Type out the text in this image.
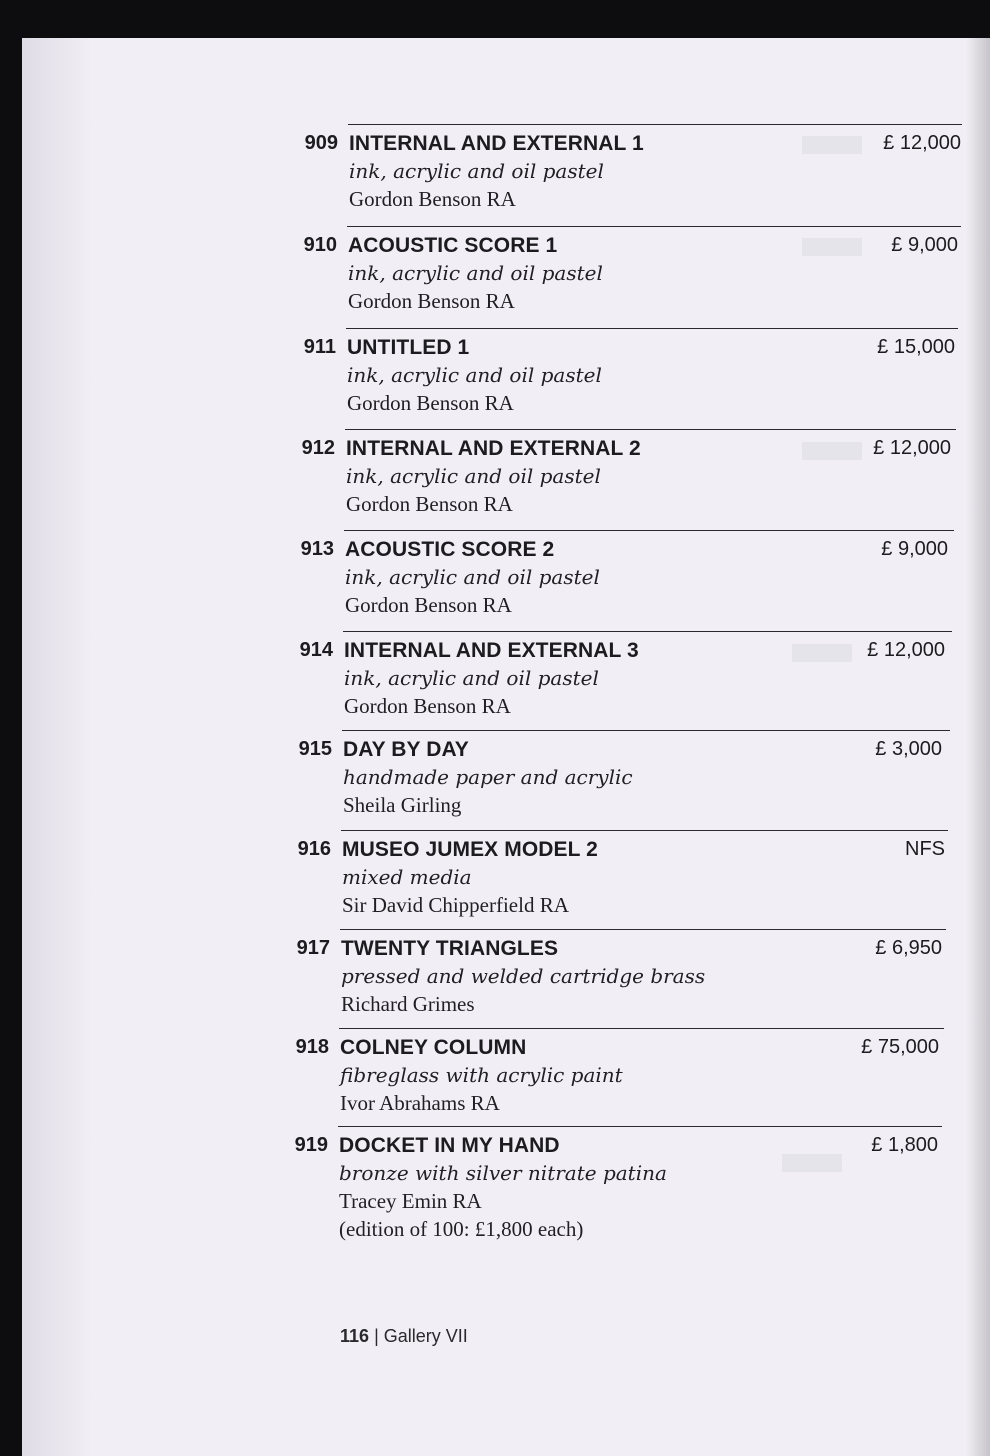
909 INTERNAL AND EXTERNAL 1
ink, acrylic and oil pastel
Gordon Benson RA
£ 12,000
910 ACOUSTIC SCORE 1
ink, acrylic and oil pastel
Gordon Benson RA
£ 9,000
911 UNTITLED 1
ink, acrylic and oil pastel
Gordon Benson RA
£ 15,000
912 INTERNAL AND EXTERNAL 2
ink, acrylic and oil pastel
Gordon Benson RA
£ 12,000
913 ACOUSTIC SCORE 2
ink, acrylic and oil pastel
Gordon Benson RA
£ 9,000
914 INTERNAL AND EXTERNAL 3
ink, acrylic and oil pastel
Gordon Benson RA
£ 12,000
915 DAY BY DAY
handmade paper and acrylic
Sheila Girling
£ 3,000
916 MUSEO JUMEX MODEL 2
mixed media
Sir David Chipperfield RA
NFS
917 TWENTY TRIANGLES
pressed and welded cartridge brass
Richard Grimes
£ 6,950
918 COLNEY COLUMN
fibreglass with acrylic paint
Ivor Abrahams RA
£ 75,000
919 DOCKET IN MY HAND
bronze with silver nitrate patina
Tracey Emin RA
(edition of 100: £1,800 each)
£ 1,800
116 | Gallery VII
